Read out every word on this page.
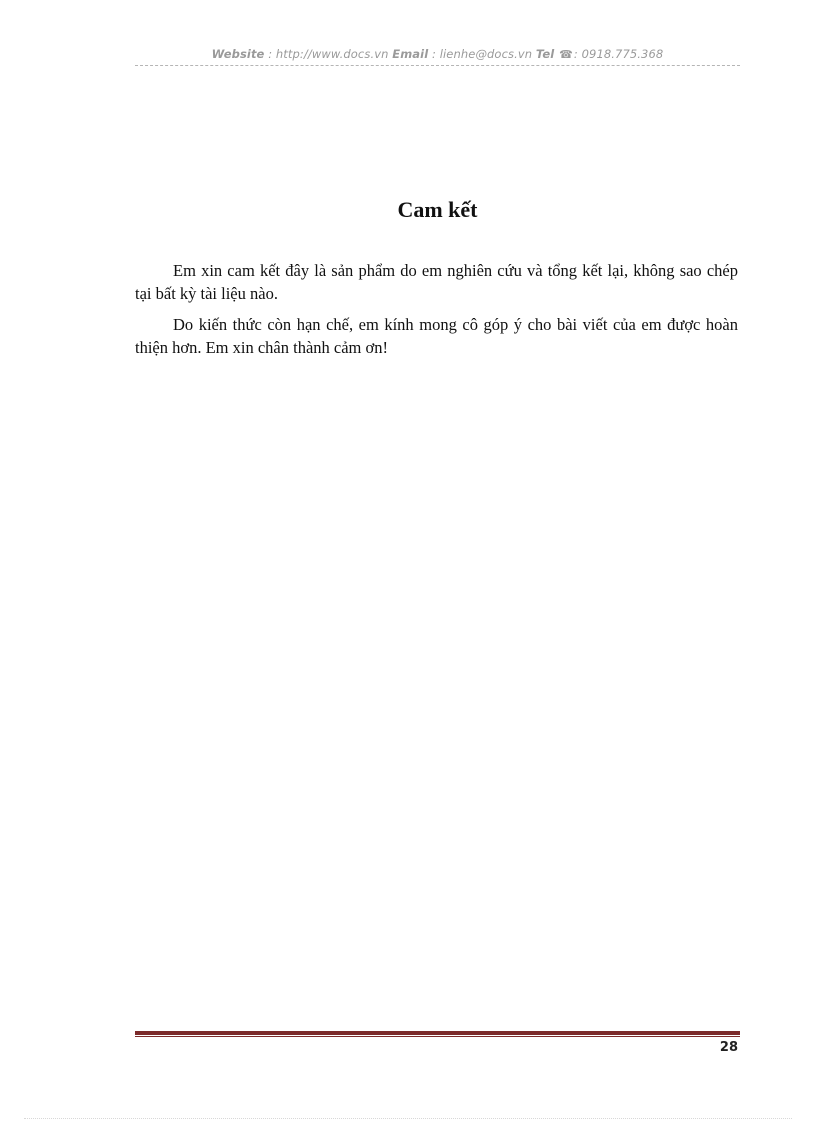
Website : http://www.docs.vn Email : lienhe@docs.vn Tel ☎: 0918.775.368
Cam kết

Em xin cam kết đây là sản phẩm do em nghiên cứu và tổng kết lại, không sao chép tại bất kỳ tài liệu nào.

Do kiến thức còn hạn chế, em kính mong cô góp ý cho bài viết của em được hoàn thiện hơn. Em xin chân thành cảm ơn!

28
